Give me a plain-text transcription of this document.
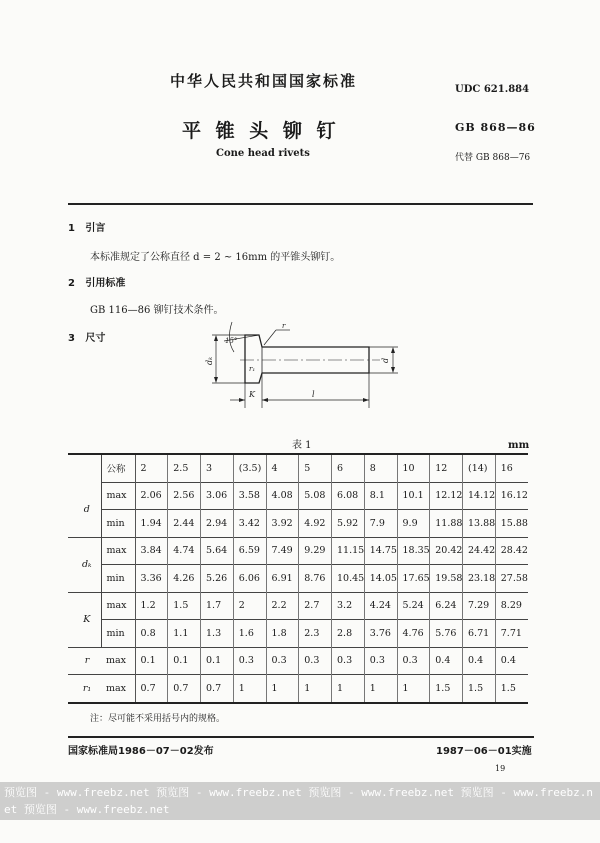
中华人民共和国国家标准	UDC 621.884
平 锥 头 铆 钉	GB 868—86
Cone head rivets	代替 GB 868—76
1 引言
本标准规定了公称直径 d = 2 ~ 16mm 的平锥头铆钉。
2 引用标准
GB 116—86 铆钉技术条件。
3 尺寸	15°
r
r₁
dₖ	d
K	l
表 1	mm
	公称	2	2.5	3	(3.5)	4	5	6	8	10	12	(14)	16
d	max	2.06	2.56	3.06	3.58	4.08	5.08	6.08	8.1	10.1	12.12	14.12	16.12
	min	1.94	2.44	2.94	3.42	3.92	4.92	5.92	7.9	9.9	11.88	13.88	15.88
dₖ	max	3.84	4.74	5.64	6.59	7.49	9.29	11.15	14.75	18.35	20.42	24.42	28.42
	min	3.36	4.26	5.26	6.06	6.91	8.76	10.45	14.05	17.65	19.58	23.18	27.58
K	max	1.2	1.5	1.7	2	2.2	2.7	3.2	4.24	5.24	6.24	7.29	8.29
	min	0.8	1.1	1.3	1.6	1.8	2.3	2.8	3.76	4.76	5.76	6.71	7.71
r	max	0.1	0.1	0.1	0.3	0.3	0.3	0.3	0.3	0.3	0.4	0.4	0.4
r₁	max	0.7	0.7	0.7	1	1	1	1	1	1	1.5	1.5	1.5
注：尽可能不采用括号内的规格。
国家标准局1986－07－02发布	1987－06－01实施
19
预览图 - www.freebz.net 预览图 - www.freebz.net 预览图 - www.freebz.net 预览图 - www.freebz.net 预览图 - www.freebz.net
